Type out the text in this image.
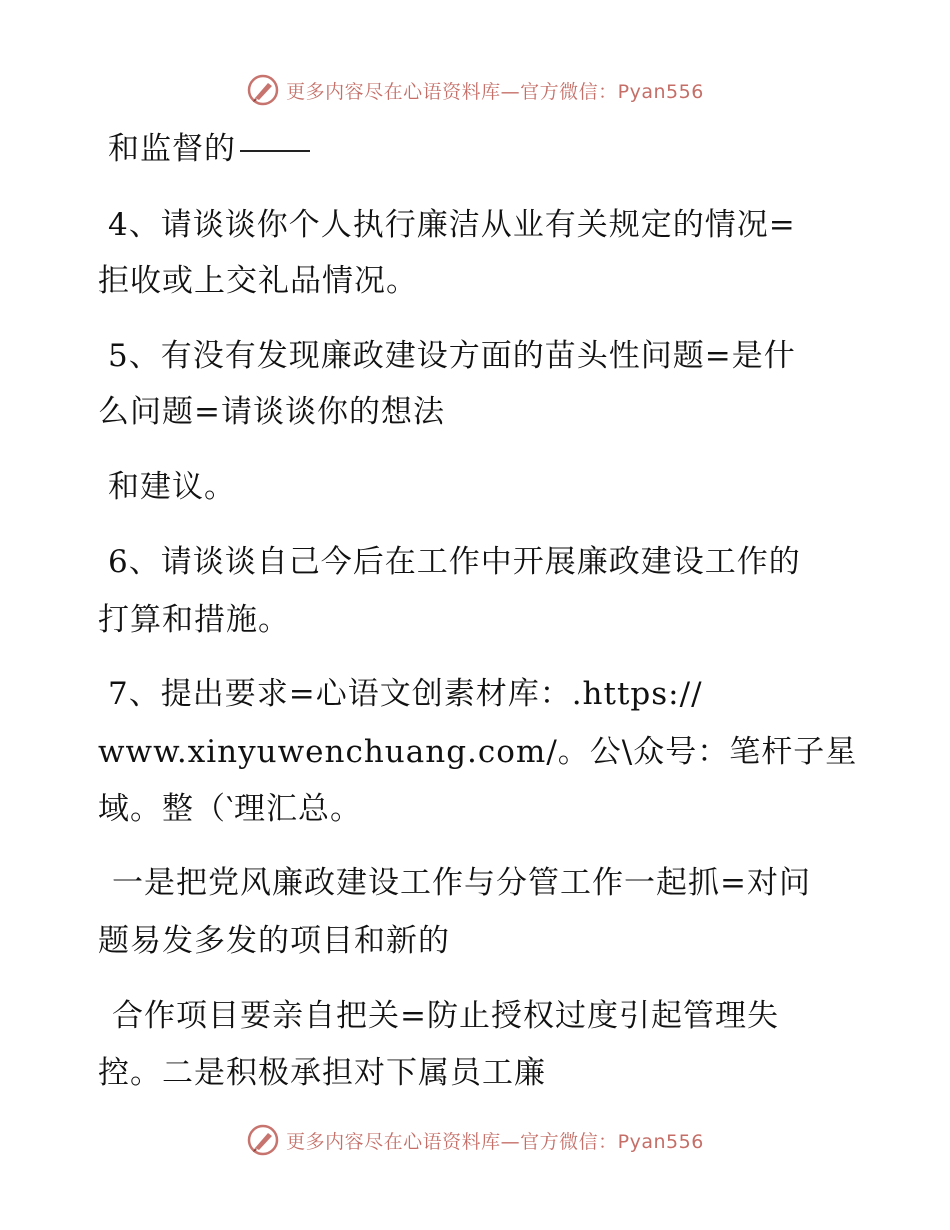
更多内容尽在心语资料库—官方微信：Pyan556
和监督的
4、请谈谈你个人执行廉洁从业有关规定的情况=
拒收或上交礼品情况。
5、有没有发现廉政建设方面的苗头性问题=是什
么问题=请谈谈你的想法
和建议。
6、请谈谈自己今后在工作中开展廉政建设工作的
打算和措施。
7、提出要求=心语文创素材库：.https://
www.xinyuwenchuang.com/。公\众号：笔杆子星
域。整（‵理汇总。
一是把党风廉政建设工作与分管工作一起抓=对问
题易发多发的项目和新的
合作项目要亲自把关=防止授权过度引起管理失
控。二是积极承担对下属员工廉
更多内容尽在心语资料库—官方微信：Pyan556
